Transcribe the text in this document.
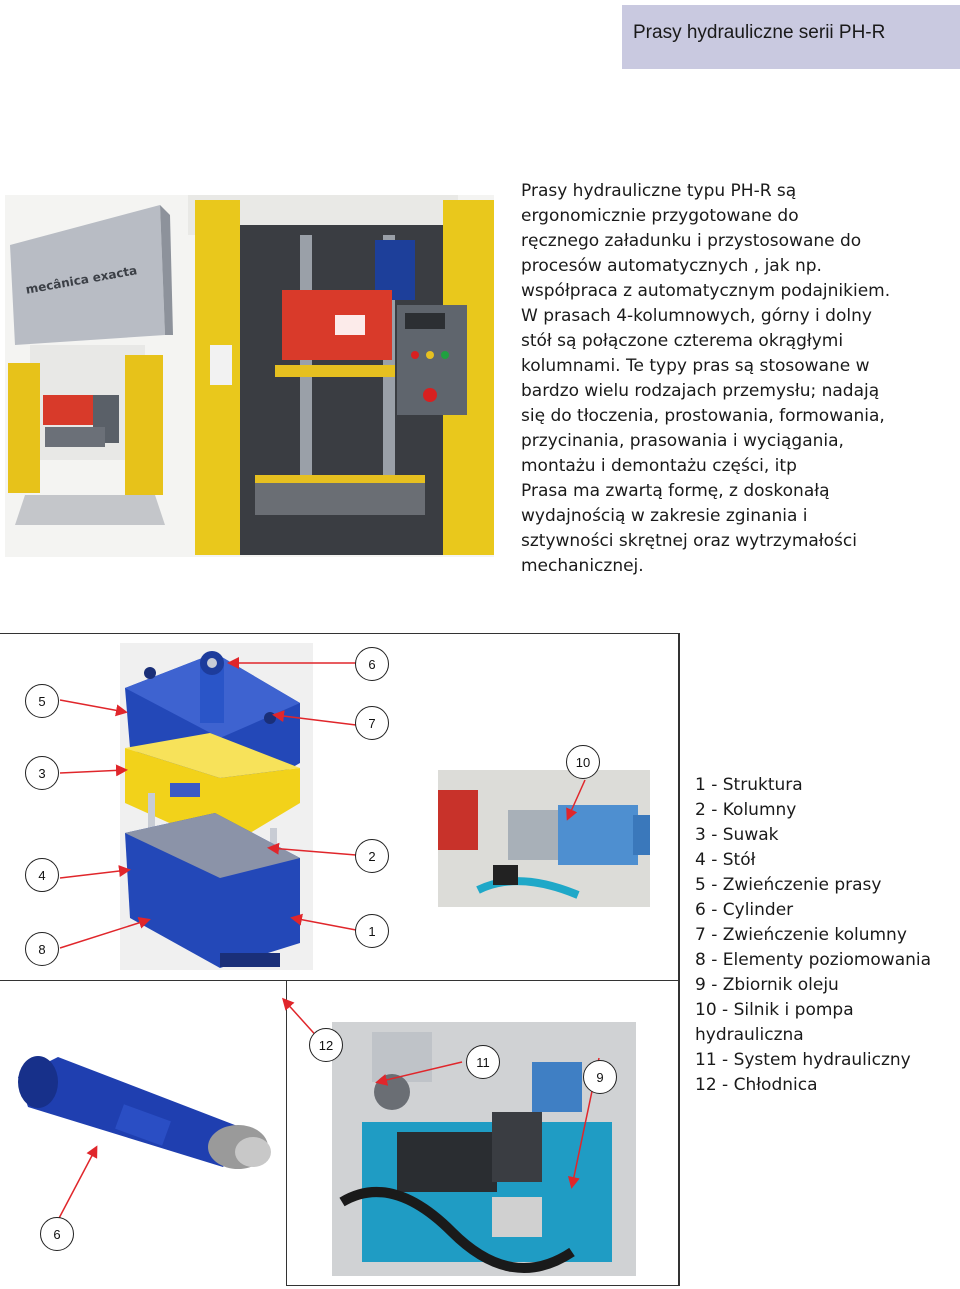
Prasy hydrauliczne serii PH-R
mecânica exacta
Prasy hydrauliczne typu PH-R są
ergonomicznie przygotowane do
ręcznego załadunku i przystosowane do
procesów automatycznych , jak np.
współpraca z automatycznym podajnikiem.
W prasach 4-kolumnowych, górny i dolny
stół są połączone czterema okrągłymi
kolumnami. Te typy pras są stosowane w
bardzo wielu rodzajach przemysłu; nadają
się do tłoczenia, prostowania, formowania,
przycinania, prasowania i wyciągania,
montażu i demontażu części, itp
Prasa ma zwartą formę, z doskonałą
wydajnością w zakresie zginania i
sztywności skrętnej oraz wytrzymałości
mechanicznej.
6
5
7
10
3
2
4
1
8
12
11
9
6
1 - Struktura
2 - Kolumny
3 - Suwak
4 - Stół
5 - Zwieńczenie prasy
6 - Cylinder
7 - Zwieńczenie kolumny
8 - Elementy poziomowania
9 - Zbiornik oleju
10 - Silnik i pompa hydrauliczna
11 - System hydrauliczny
12 - Chłodnica
